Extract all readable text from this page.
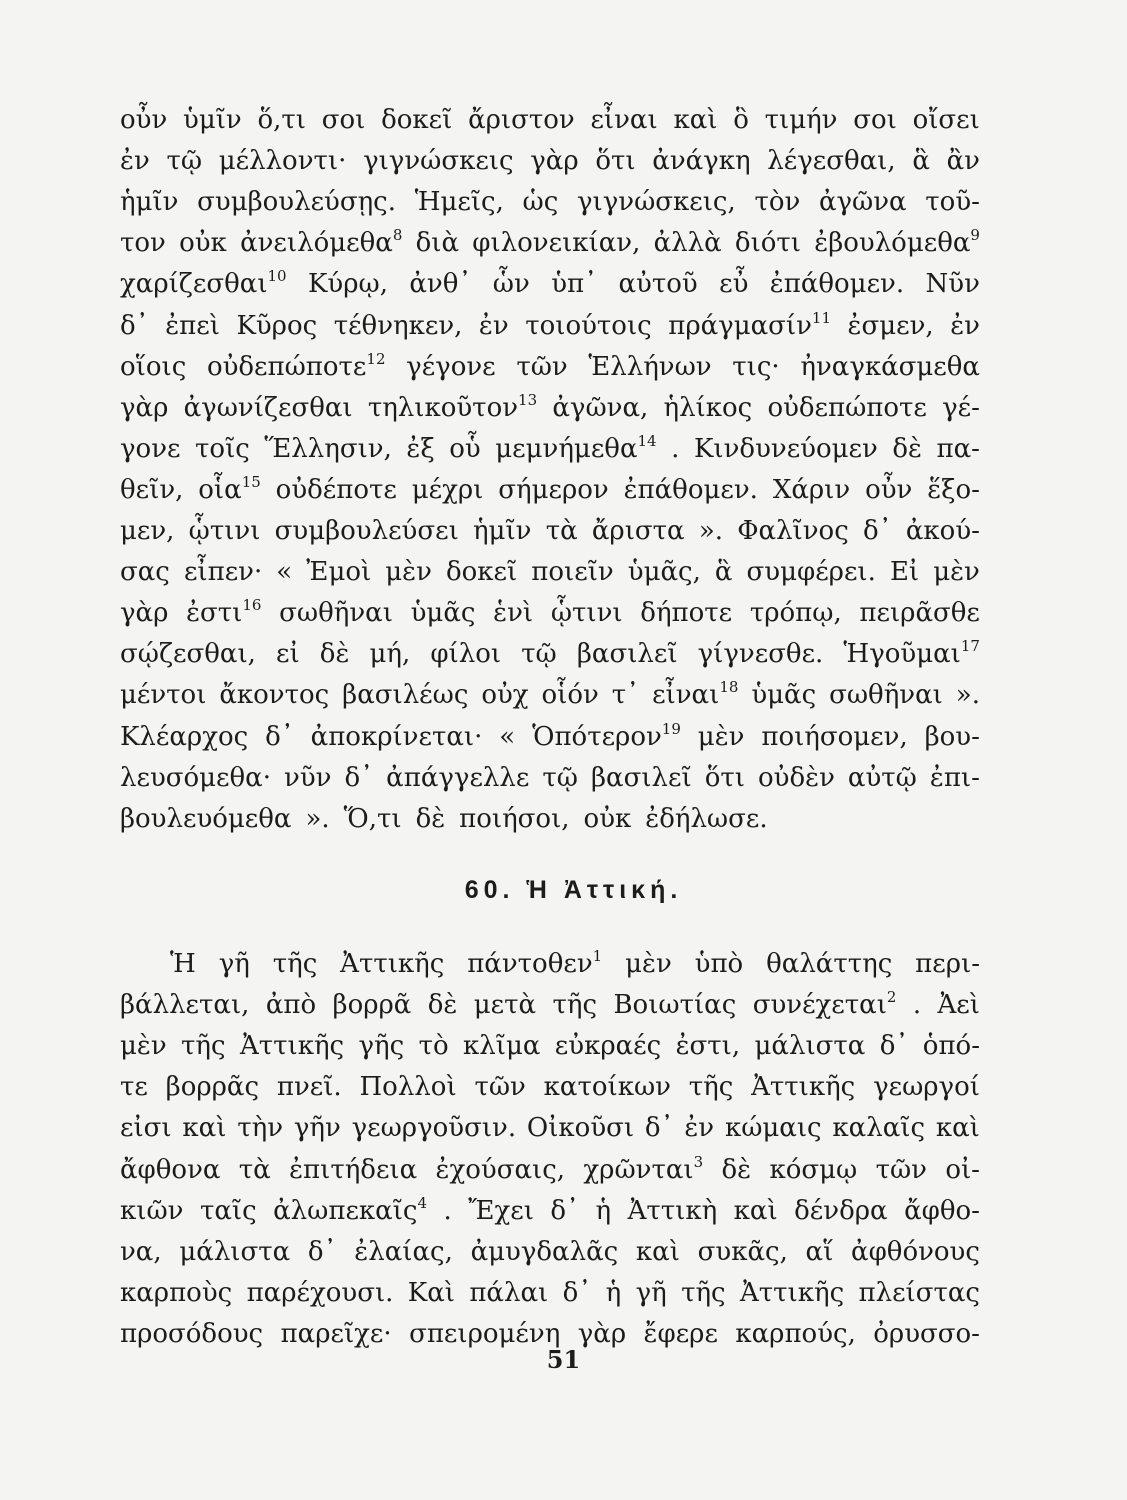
οὖν ὑμῖν ὅ,τι σοι δοκεῖ ἄριστον εἶναι καὶ ὃ τιμήν σοι οἴσει
ἐν τῷ μέλλοντι· γιγνώσκεις γὰρ ὅτι ἀνάγκη λέγεσθαι, ἃ ἂν
ἡμῖν συμβουλεύσῃς. Ἡμεῖς, ὡς γιγνώσκεις, τὸν ἀγῶνα τοῦ-
τον οὐκ ἀνειλόμεθα$^8$ διὰ φιλονεικίαν, ἀλλὰ διότι ἐβουλόμεθα$^9$
χαρίζεσθαι$^{10}$ Κύρῳ, ἀνθ᾽ ὧν ὑπ᾽ αὐτοῦ εὖ ἐπάθομεν. Νῦν
δ᾽ ἐπεὶ Κῦρος τέθνηκεν, ἐν τοιούτοις πράγμασίν$^{11}$ ἐσμεν, ἐν
οἵοις οὐδεπώποτε$^{12}$ γέγονε τῶν Ἑλλήνων τις· ἠναγκάσμεθα
γὰρ ἀγωνίζεσθαι τηλικοῦτον$^{13}$ ἀγῶνα, ἡλίκος οὐδεπώποτε γέ-
γονε τοῖς Ἕλλησιν, ἐξ οὗ μεμνήμεθα$^{14}$ . Κινδυνεύομεν δὲ πα-
θεῖν, οἷα$^{15}$ οὐδέποτε μέχρι σήμερον ἐπάθομεν. Χάριν οὖν ἕξο-
μεν, ᾧτινι συμβουλεύσει ἡμῖν τὰ ἄριστα ». Φαλῖνος δ᾽ ἀκού-
σας εἶπεν· « Ἐμοὶ μὲν δοκεῖ ποιεῖν ὑμᾶς, ἃ συμφέρει. Εἰ μὲν
γὰρ ἐστι$^{16}$ σωθῆναι ὑμᾶς ἑνὶ ᾧτινι δήποτε τρόπῳ, πειρᾶσθε
σῴζεσθαι, εἰ δὲ μή, φίλοι τῷ βασιλεῖ γίγνεσθε. Ἡγοῦμαι$^{17}$
μέντοι ἄκοντος βασιλέως οὐχ οἷόν τ᾽ εἶναι$^{18}$ ὑμᾶς σωθῆναι ».
Κλέαρχος δ᾽ ἀποκρίνεται· « Ὁπότερον$^{19}$ μὲν ποιήσομεν, βου-
λευσόμεθα· νῦν δ᾽ ἀπάγγελλε τῷ βασιλεῖ ὅτι οὐδὲν αὐτῷ ἐπι-
βουλευόμεθα ». Ὅ,τι δὲ ποιήσοι, οὐκ ἐδήλωσε.
60. Ἡ Ἀττική.
Ἡ γῆ τῆς Ἀττικῆς πάντοθεν$^1$ μὲν ὑπὸ θαλάττης περι-
βάλλεται, ἀπὸ βορρᾶ δὲ μετὰ τῆς Βοιωτίας συνέχεται$^2$ . Ἀεὶ
μὲν τῆς Ἀττικῆς γῆς τὸ κλῖμα εὐκραές ἐστι, μάλιστα δ᾽ ὁπό-
τε βορρᾶς πνεῖ. Πολλοὶ τῶν κατοίκων τῆς Ἀττικῆς γεωργοί
εἰσι καὶ τὴν γῆν γεωργοῦσιν. Οἰκοῦσι δ᾽ ἐν κώμαις καλαῖς καὶ
ἄφθονα τὰ ἐπιτήδεια ἐχούσαις, χρῶνται$^3$ δὲ κόσμῳ τῶν οἰ-
κιῶν ταῖς ἀλωπεκαῖς$^4$ . Ἔχει δ᾽ ἡ Ἀττικὴ καὶ δένδρα ἄφθο-
να, μάλιστα δ᾽ ἐλαίας, ἀμυγδαλᾶς καὶ συκᾶς, αἵ ἀφθόνους
καρποὺς παρέχουσι. Καὶ πάλαι δ᾽ ἡ γῆ τῆς Ἀττικῆς πλείστας
προσόδους παρεῖχε· σπειρομένη γὰρ ἔφερε καρπούς, ὀρυσσο-
51
